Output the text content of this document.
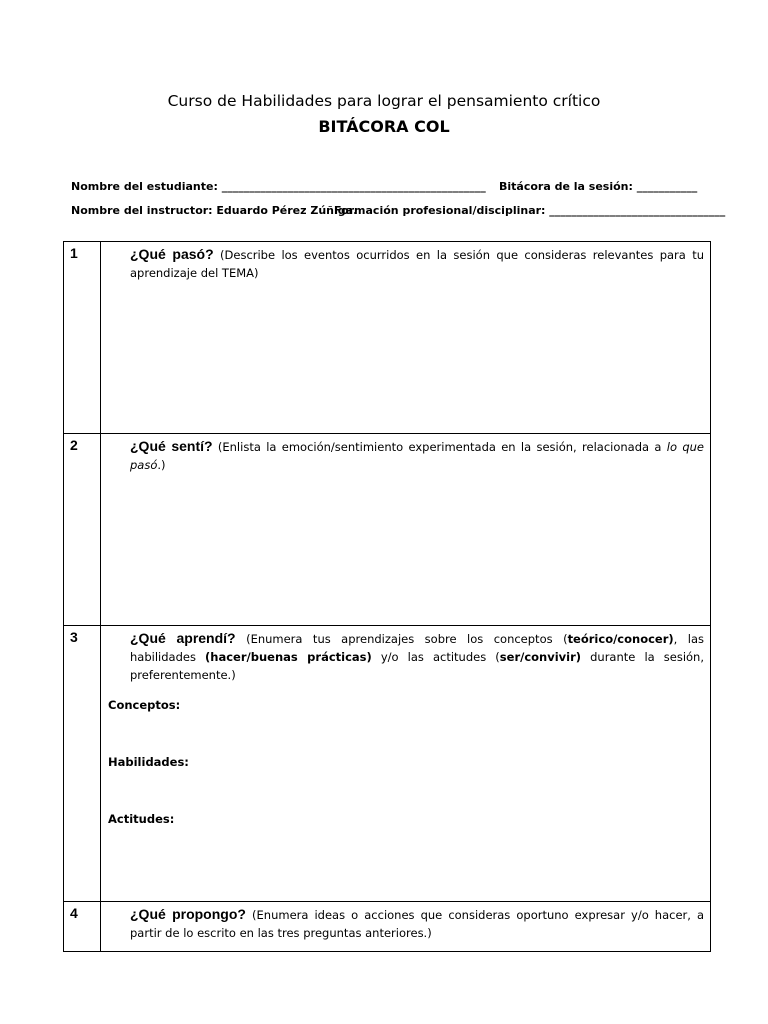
Curso de Habilidades para lograr el pensamiento crítico
BITÁCORA COL
Nombre del estudiante: ________________________________________________ Bitácora de la sesión: ___________
Nombre del instructor: Eduardo Pérez Zúñiga.
Formación profesional/disciplinar: ________________________________
1	¿Qué pasó? (Describe los eventos ocurridos en la sesión que consideras relevantes para tu aprendizaje del TEMA)

2	¿Qué sentí? (Enlista la emoción/sentimiento experimentada en la sesión, relacionada a lo que pasó.)

3	¿Qué aprendí? (Enumera tus aprendizajes sobre los conceptos (teórico/conocer), las habilidades (hacer/buenas prácticas) y/o las actitudes (ser/convivir) durante la sesión, preferentemente.)
Conceptos:
Habilidades:
Actitudes:

4	¿Qué propongo? (Enumera ideas o acciones que consideras oportuno expresar y/o hacer, a partir de lo escrito en las tres preguntas anteriores.)
